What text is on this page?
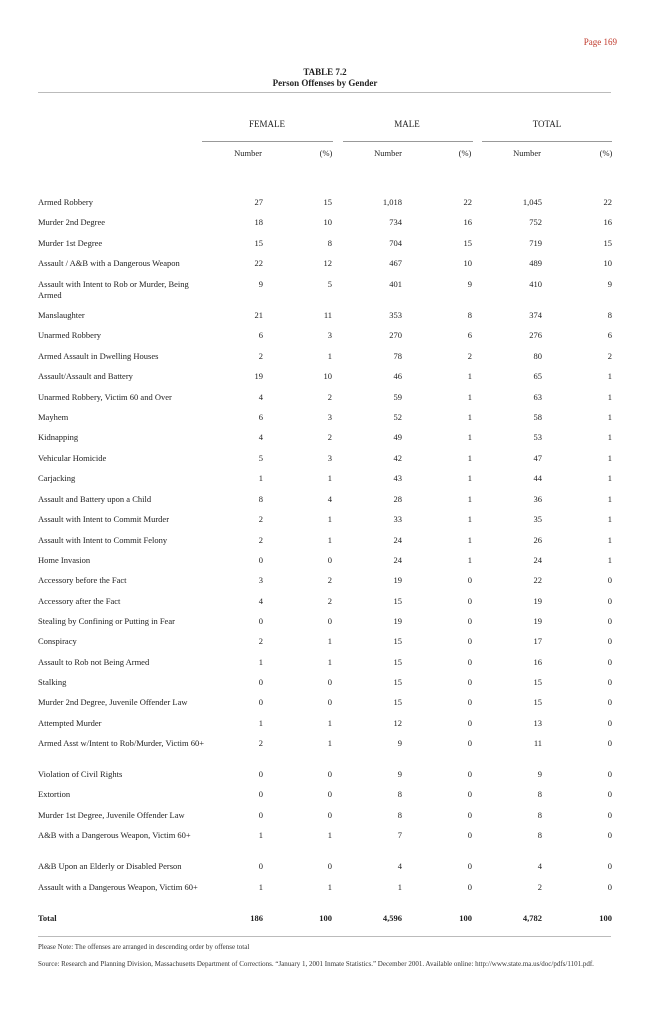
Page 169
TABLE 7.2
Person Offenses by Gender
FEMALE	MALE	TOTAL
Number	(%)	Number	(%)	Number	(%)
Armed Robbery	27	15	1,018	22	1,045	22
Murder 2nd Degree	18	10	734	16	752	16
Murder 1st Degree	15	8	704	15	719	15
Assault / A&B with a Dangerous Weapon	22	12	467	10	489	10
Assault with Intent to Rob or Murder, Being Armed
9	5	401	9	410	9
Manslaughter	21	11	353	8	374	8
Unarmed Robbery	6	3	270	6	276	6
Armed Assault in Dwelling Houses	2	1	78	2	80	2
Assault/Assault and Battery	19	10	46	1	65	1
Unarmed Robbery, Victim 60 and Over	4	2	59	1	63	1
Mayhem	6	3	52	1	58	1
Kidnapping	4	2	49	1	53	1
Vehicular Homicide	5	3	42	1	47	1
Carjacking	1	1	43	1	44	1
Assault and Battery upon a Child	8	4	28	1	36	1
Assault with Intent to Commit Murder	2	1	33	1	35	1
Assault with Intent to Commit Felony	2	1	24	1	26	1
Home Invasion	0	0	24	1	24	1
Accessory before the Fact	3	2	19	0	22	0
Accessory after the Fact	4	2	15	0	19	0
Stealing by Confining or Putting in Fear	0	0	19	0	19	0
Conspiracy	2	1	15	0	17	0
Assault to Rob not Being Armed	1	1	15	0	16	0
Stalking	0	0	15	0	15	0
Murder 2nd Degree, Juvenile Offender Law	0	0	15	0	15	0
Attempted Murder	1	1	12	0	13	0
Armed Asst w/Intent to Rob/Murder, Victim 60+	2	1	9	0	11	0
Violation of Civil Rights	0	0	9	0	9	0
Extortion	0	0	8	0	8	0
Murder 1st Degree, Juvenile Offender Law	0	0	8	0	8	0
A&B with a Dangerous Weapon, Victim 60+	1	1	7	0	8	0
A&B Upon an Elderly or Disabled Person	0	0	4	0	4	0
Assault with a Dangerous Weapon, Victim 60+	1	1	1	0	2	0
Total	186	100	4,596	100	4,782	100
Please Note: The offenses are arranged in descending order by offense total
Source: Research and Planning Division, Massachusetts Department of Corrections. “January 1, 2001 Inmate Statistics.” December 2001. Available online: http://www.state.ma.us/doc/pdfs/1101.pdf.
